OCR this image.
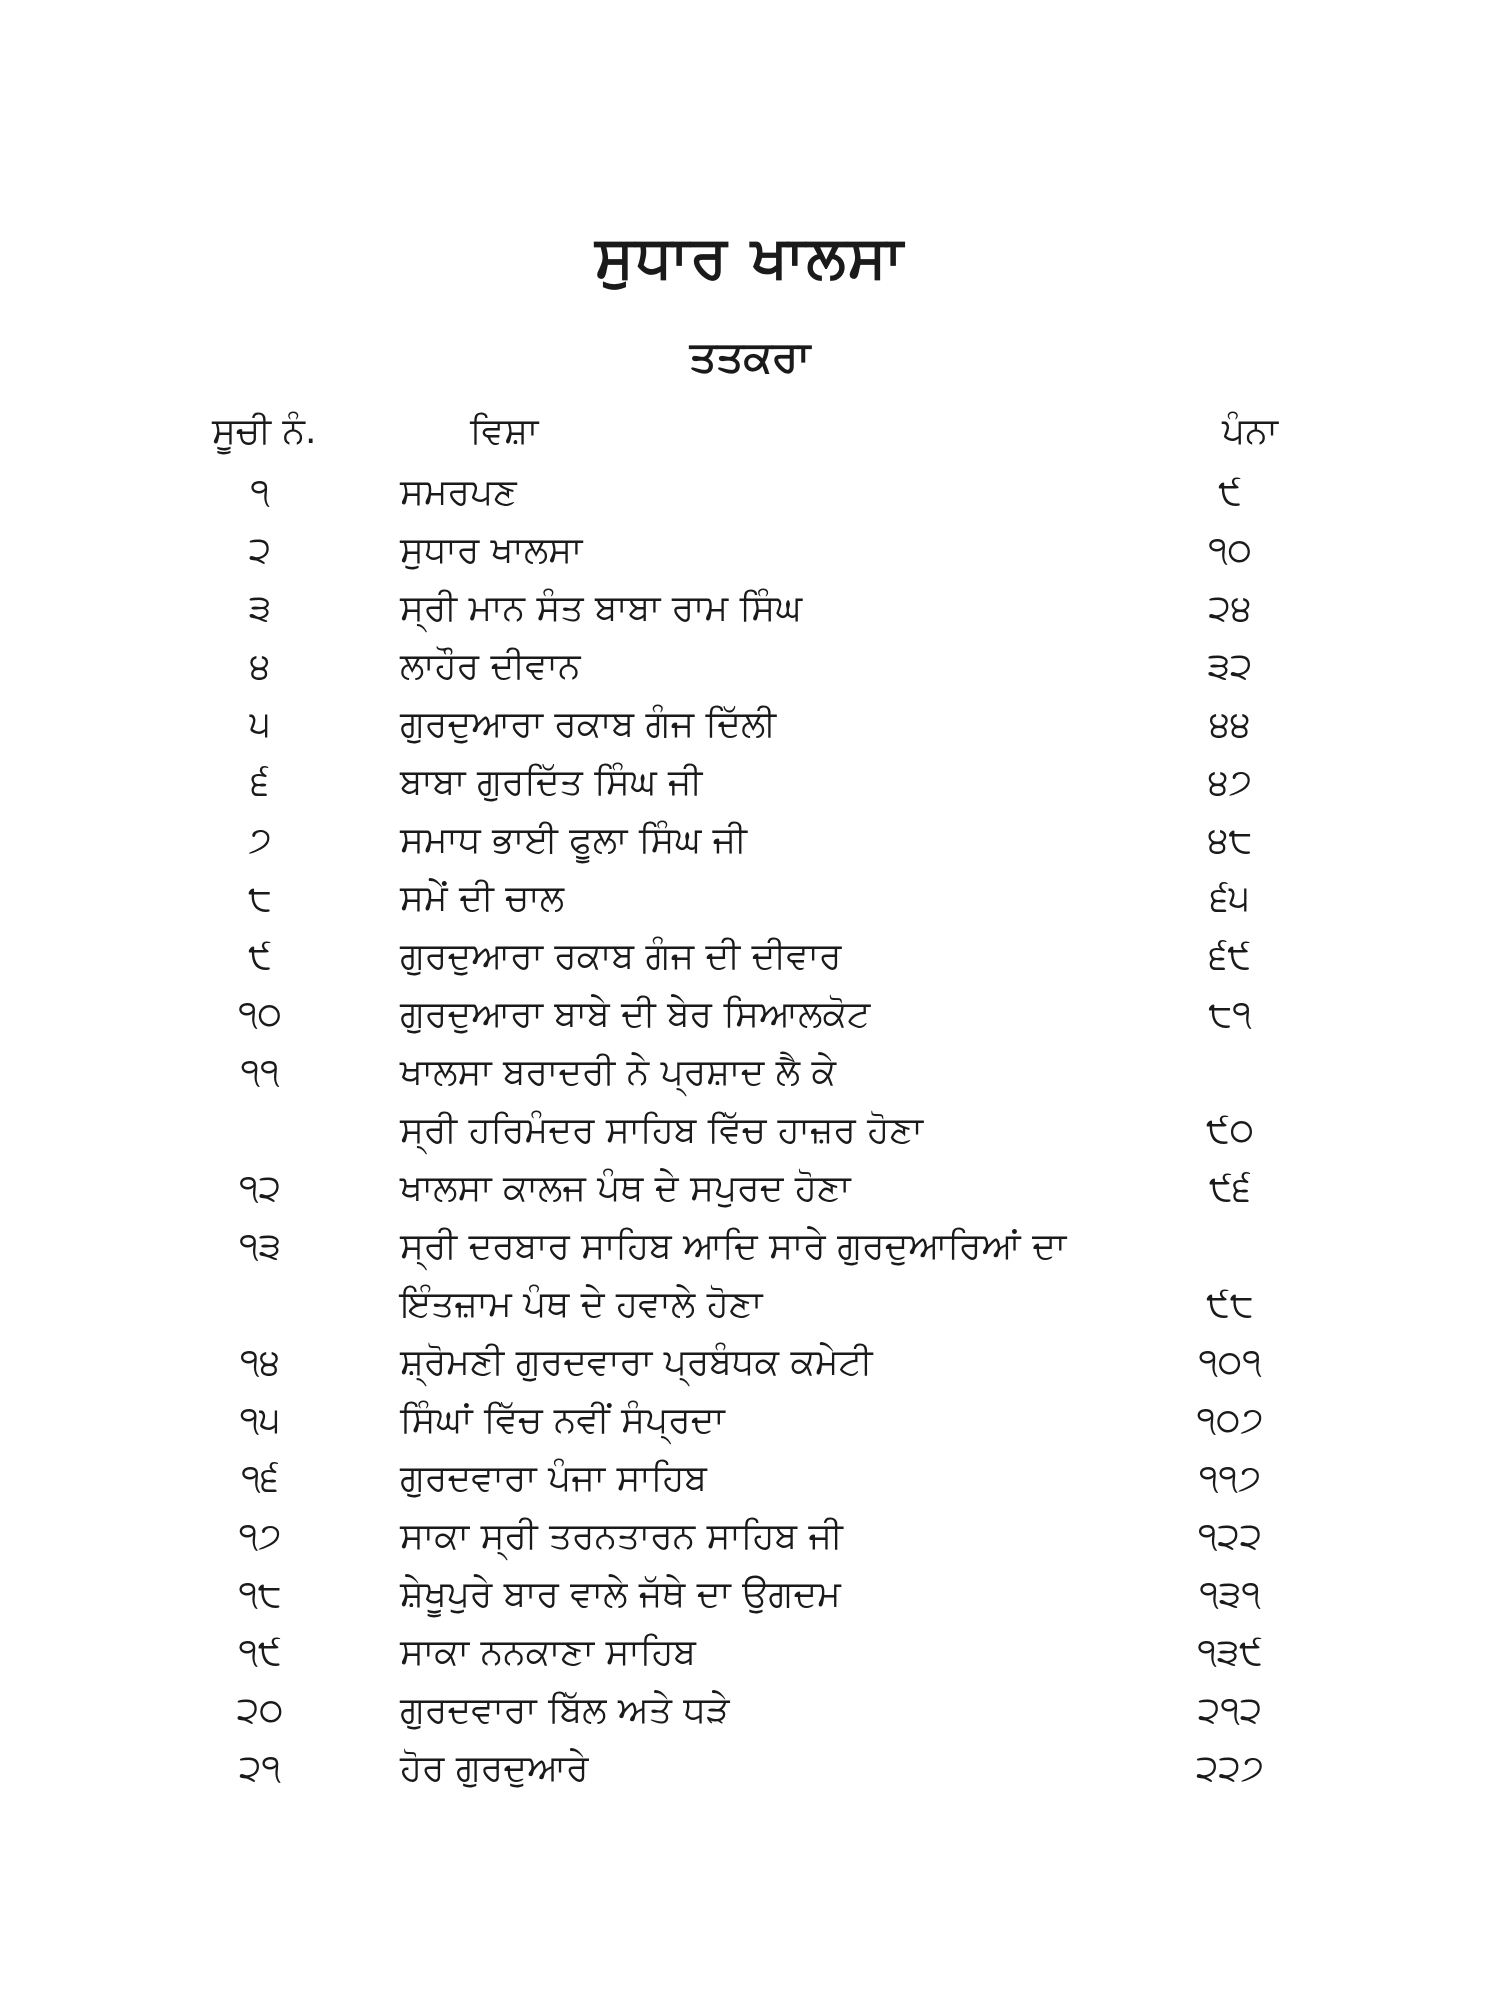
ਸੁਧਾਰ ਖਾਲਸਾ
ਤਤਕਰਾ
ਸੂਚੀ ਨੰ.	ਵਿਸ਼ਾ	ਪੰਨਾ
੧	ਸਮਰਪਣ	੯
੨	ਸੁਧਾਰ ਖਾਲਸਾ	੧੦
੩	ਸ੍ਰੀ ਮਾਨ ਸੰਤ ਬਾਬਾ ਰਾਮ ਸਿੰਘ	੨੪
੪	ਲਾਹੌਰ ਦੀਵਾਨ	੩੨
੫	ਗੁਰਦੁਆਰਾ ਰਕਾਬ ਗੰਜ ਦਿੱਲੀ	੪੪
੬	ਬਾਬਾ ਗੁਰਦਿੱਤ ਸਿੰਘ ਜੀ	੪੭
੭	ਸਮਾਧ ਭਾਈ ਫੂਲਾ ਸਿੰਘ ਜੀ	੪੮
੮	ਸਮੇਂ ਦੀ ਚਾਲ	੬੫
੯	ਗੁਰਦੁਆਰਾ ਰਕਾਬ ਗੰਜ ਦੀ ਦੀਵਾਰ	੬੯
੧੦	ਗੁਰਦੁਆਰਾ ਬਾਬੇ ਦੀ ਬੇਰ ਸਿਆਲਕੋਟ	੮੧
੧੧	ਖਾਲਸਾ ਬਰਾਦਰੀ ਨੇ ਪ੍ਰਸ਼ਾਦ ਲੈ ਕੇ
ਸ੍ਰੀ ਹਰਿਮੰਦਰ ਸਾਹਿਬ ਵਿੱਚ ਹਾਜ਼ਰ ਹੋਣਾ	੯੦
੧੨	ਖਾਲਸਾ ਕਾਲਜ ਪੰਥ ਦੇ ਸਪੁਰਦ ਹੋਣਾ	੯੬
੧੩	ਸ੍ਰੀ ਦਰਬਾਰ ਸਾਹਿਬ ਆਦਿ ਸਾਰੇ ਗੁਰਦੁਆਰਿਆਂ ਦਾ
ਇੰਤਜ਼ਾਮ ਪੰਥ ਦੇ ਹਵਾਲੇ ਹੋਣਾ	੯੮
੧੪	ਸ਼੍ਰੋਮਣੀ ਗੁਰਦਵਾਰਾ ਪ੍ਰਬੰਧਕ ਕਮੇਟੀ	੧੦੧
੧੫	ਸਿੰਘਾਂ ਵਿੱਚ ਨਵੀਂ ਸੰਪ੍ਰਦਾ	੧੦੭
੧੬	ਗੁਰਦਵਾਰਾ ਪੰਜਾ ਸਾਹਿਬ	੧੧੭
੧੭	ਸਾਕਾ ਸ੍ਰੀ ਤਰਨਤਾਰਨ ਸਾਹਿਬ ਜੀ	੧੨੨
੧੮	ਸ਼ੇਖੂਪੁਰੇ ਬਾਰ ਵਾਲੇ ਜੱਥੇ ਦਾ ਉਗਦਮ	੧੩੧
੧੯	ਸਾਕਾ ਨਨਕਾਣਾ ਸਾਹਿਬ	੧੩੯
੨੦	ਗੁਰਦਵਾਰਾ ਬਿੱਲ ਅਤੇ ਧੜੇ	੨੧੨
੨੧	ਹੋਰ ਗੁਰਦੁਆਰੇ	੨੨੭
